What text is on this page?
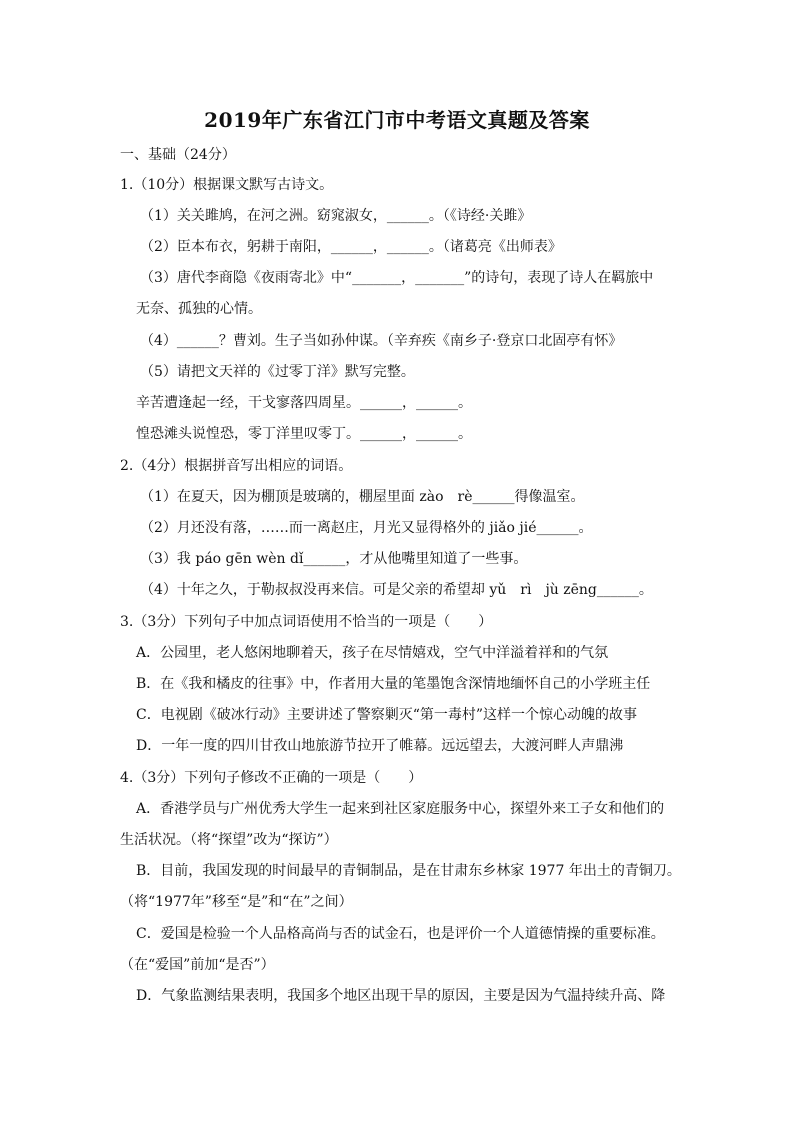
2019年广东省江门市中考语文真题及答案
一、基础（24分）
1.（10分）根据课文默写古诗文。
（1）关关雎鸠，在河之洲。窈窕淑女，______。（《诗经·关雎》
（2）臣本布衣，躬耕于南阳，______，______。（诸葛亮《出师表》
（3）唐代李商隐《夜雨寄北》中“_______，_______”的诗句，表现了诗人在羁旅中
无奈、孤独的心情。
（4）______？曹刘。生子当如孙仲谋。（辛弃疾《南乡子·登京口北固亭有怀》
（5）请把文天祥的《过零丁洋》默写完整。
辛苦遭逢起一经，干戈寥落四周星。______，______。
惶恐滩头说惶恐，零丁洋里叹零丁。______，______。
2.（4分）根据拼音写出相应的词语。
（1）在夏天，因为棚顶是玻璃的，棚屋里面 zào　rè______得像温室。
（2）月还没有落，……而一离赵庄，月光又显得格外的 jiǎo jié______。
（3）我 páo gēn wèn dǐ______，才从他嘴里知道了一些事。
（4）十年之久，于勒叔叔没再来信。可是父亲的希望却 yǔ　rì　jù zēng______。
3.（3分）下列句子中加点词语使用不恰当的一项是（　　）
A．公园里，老人悠闲地聊着天，孩子在尽情嬉戏，空气中洋溢着祥和的气氛
B．在《我和橘皮的往事》中，作者用大量的笔墨饱含深情地缅怀自己的小学班主任
C．电视剧《破冰行动》主要讲述了警察剿灭“第一毒村”这样一个惊心动魄的故事
D．一年一度的四川甘孜山地旅游节拉开了帷幕。远远望去，大渡河畔人声鼎沸
4.（3分）下列句子修改不正确的一项是（　　）
A．香港学员与广州优秀大学生一起来到社区家庭服务中心，探望外来工子女和他们的
生活状况。（将“探望”改为“探访”）
B．目前，我国发现的时间最早的青铜制品，是在甘肃东乡林家 1977 年出土的青铜刀。
（将“1977年”移至“是”和“在”之间）
C．爱国是检验一个人品格高尚与否的试金石，也是评价一个人道德情操的重要标准。
（在“爱国”前加“是否”）
D．气象监测结果表明，我国多个地区出现干旱的原因，主要是因为气温持续升高、降
